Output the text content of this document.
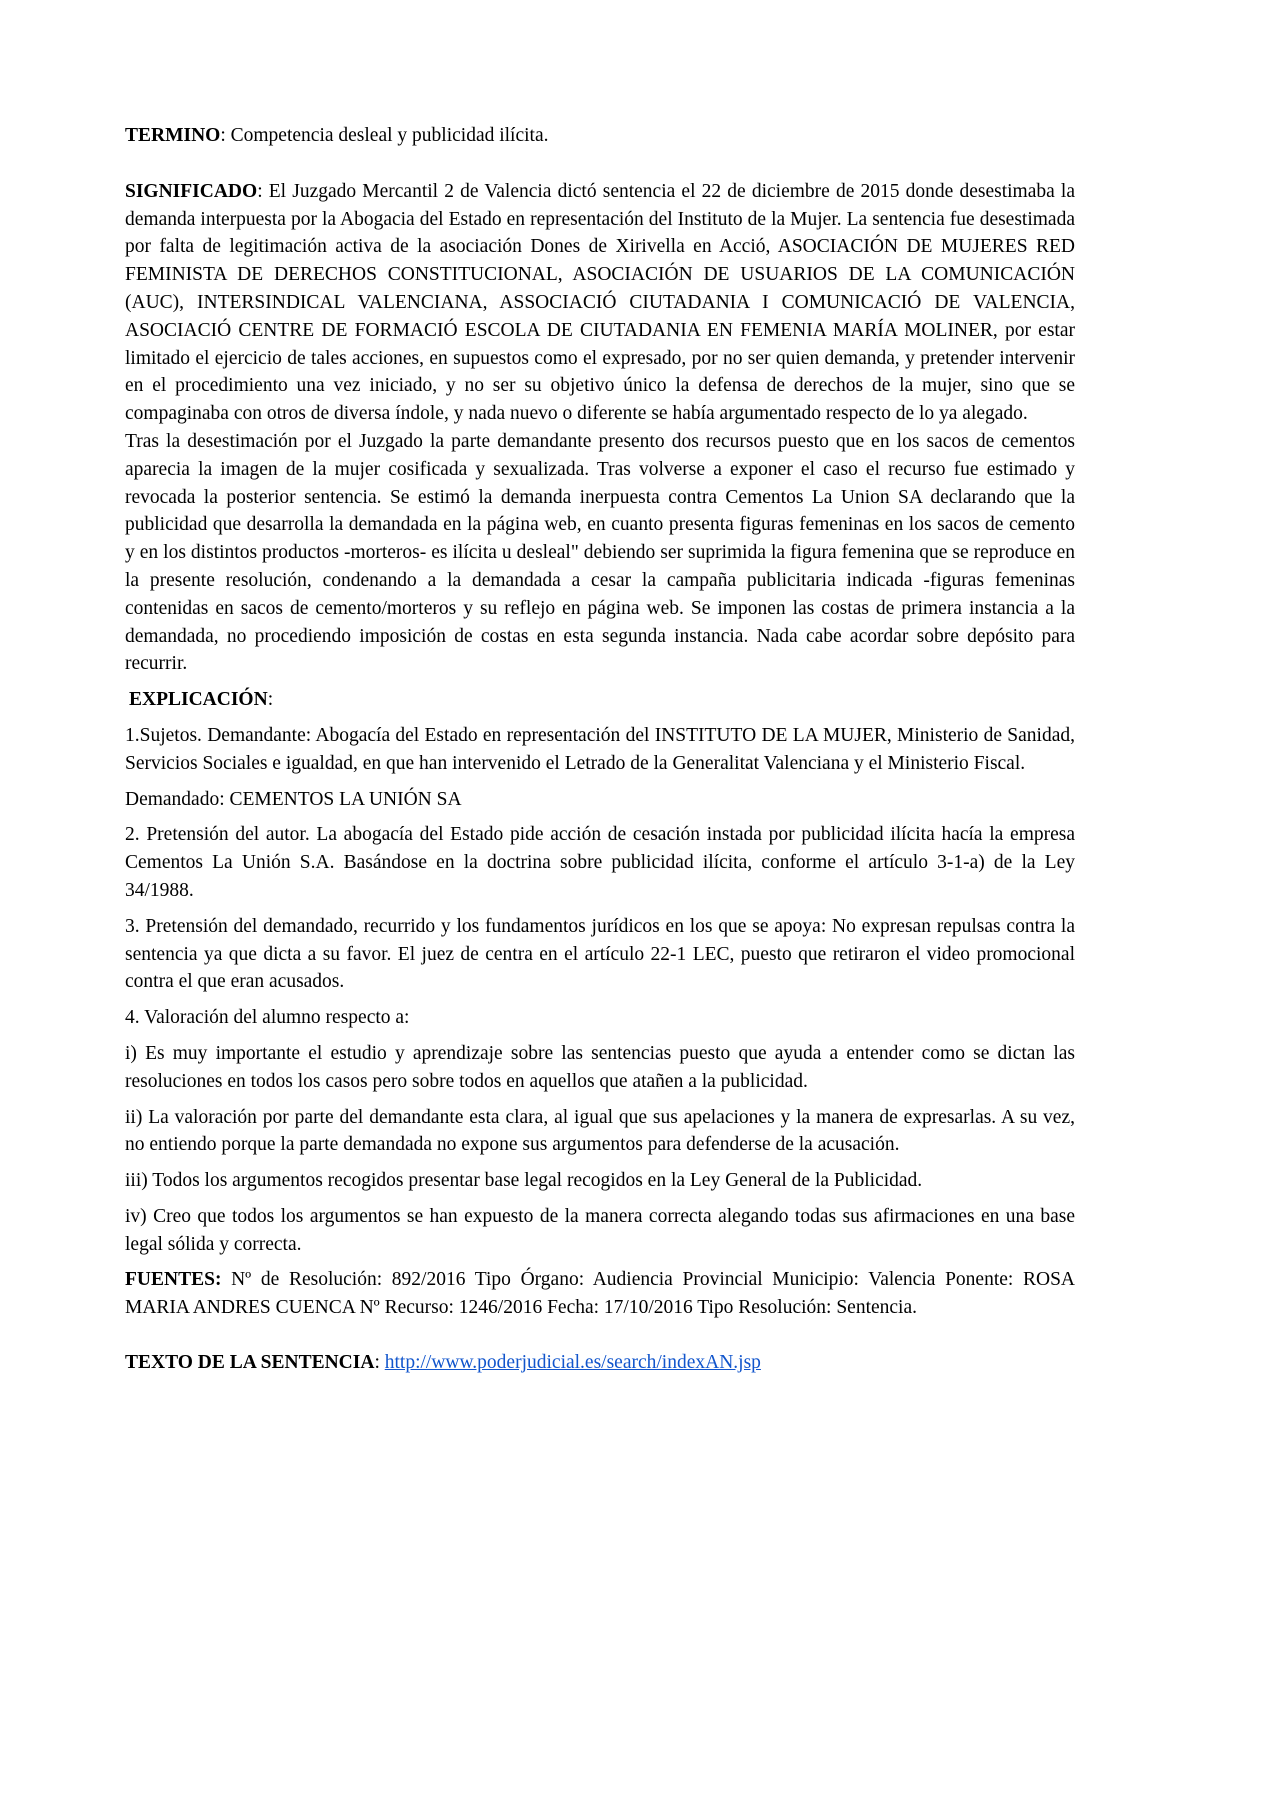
TERMINO: Competencia desleal y publicidad ilícita.

SIGNIFICADO: El Juzgado Mercantil 2 de Valencia dictó sentencia el 22 de diciembre de 2015 donde desestimaba la demanda interpuesta por la Abogacia del Estado en representación del Instituto de la Mujer. La sentencia fue desestimada por falta de legitimación activa de la asociación Dones de Xirivella en Acció, ASOCIACIÓN DE MUJERES RED FEMINISTA DE DERECHOS CONSTITUCIONAL, ASOCIACIÓN DE USUARIOS DE LA COMUNICACIÓN (AUC), INTERSINDICAL VALENCIANA, ASSOCIACIÓ CIUTADANIA I COMUNICACIÓ DE VALENCIA, ASOCIACIÓ CENTRE DE FORMACIÓ ESCOLA DE CIUTADANIA EN FEMENIA MARÍA MOLINER, por estar limitado el ejercicio de tales acciones, en supuestos como el expresado, por no ser quien demanda, y pretender intervenir en el procedimiento una vez iniciado, y no ser su objetivo único la defensa de derechos de la mujer, sino que se compaginaba con otros de diversa índole, y nada nuevo o diferente se había argumentado respecto de lo ya alegado.

Tras la desestimación por el Juzgado la parte demandante presento dos recursos puesto que en los sacos de cementos aparecia la imagen de la mujer cosificada y sexualizada. Tras volverse a exponer el caso el recurso fue estimado y revocada la posterior sentencia. Se estimó la demanda inerpuesta contra Cementos La Union SA declarando que la publicidad que desarrolla la demandada en la página web, en cuanto presenta figuras femeninas en los sacos de cemento y en los distintos productos -morteros- es ilícita u desleal" debiendo ser suprimida la figura femenina que se reproduce en la presente resolución, condenando a la demandada a cesar la campaña publicitaria indicada -figuras femeninas contenidas en sacos de cemento/morteros y su reflejo en página web. Se imponen las costas de primera instancia a la demandada, no procediendo imposición de costas en esta segunda instancia. Nada cabe acordar sobre depósito para recurrir.

EXPLICACIÓN:

1.Sujetos. Demandante: Abogacía del Estado en representación del INSTITUTO DE LA MUJER, Ministerio de Sanidad, Servicios Sociales e igualdad, en que han intervenido el Letrado de la Generalitat Valenciana y el Ministerio Fiscal.

Demandado: CEMENTOS LA UNIÓN SA

2. Pretensión del autor. La abogacía del Estado pide acción de cesación instada por publicidad ilícita hacía la empresa Cementos La Unión S.A. Basándose en la doctrina sobre publicidad ilícita, conforme el artículo 3-1-a) de la Ley 34/1988.

3. Pretensión del demandado, recurrido y los fundamentos jurídicos en los que se apoya: No expresan repulsas contra la sentencia ya que dicta a su favor. El juez de centra en el artículo 22-1 LEC, puesto que retiraron el video promocional contra el que eran acusados.

4. Valoración del alumno respecto a:

i) Es muy importante el estudio y aprendizaje sobre las sentencias puesto que ayuda a entender como se dictan las resoluciones en todos los casos pero sobre todos en aquellos que atañen a la publicidad.

ii) La valoración por parte del demandante esta clara, al igual que sus apelaciones y la manera de expresarlas. A su vez, no entiendo porque la parte demandada no expone sus argumentos para defenderse de la acusación.

iii) Todos los argumentos recogidos presentar base legal recogidos en la Ley General de la Publicidad.

iv) Creo que todos los argumentos se han expuesto de la manera correcta alegando todas sus afirmaciones en una base legal sólida y correcta.

FUENTES: Nº de Resolución: 892/2016 Tipo Órgano: Audiencia Provincial Municipio: Valencia Ponente: ROSA MARIA ANDRES CUENCA Nº Recurso: 1246/2016 Fecha: 17/10/2016 Tipo Resolución: Sentencia.

TEXTO DE LA SENTENCIA: http://www.poderjudicial.es/search/indexAN.jsp
